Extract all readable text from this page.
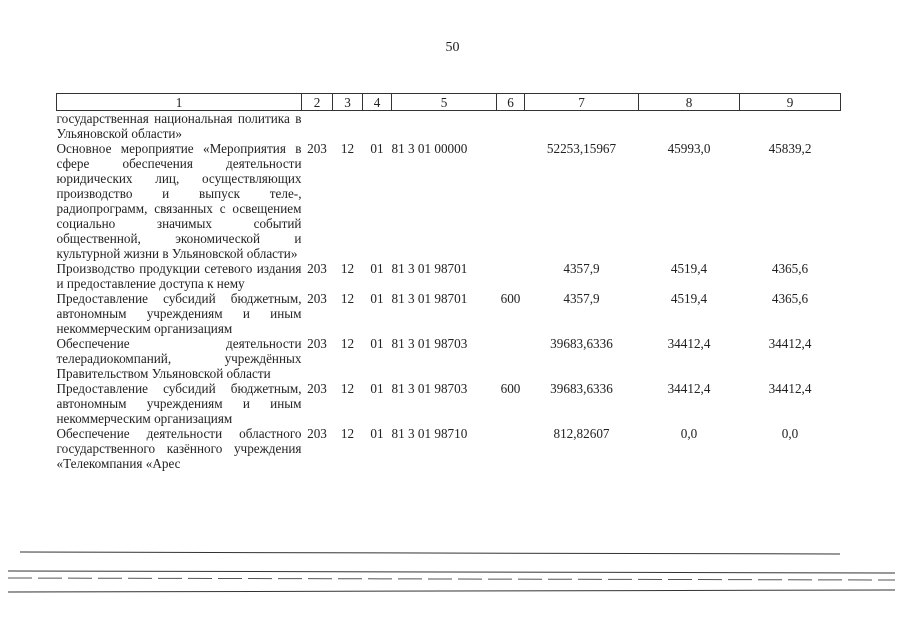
50
1	2	3	4	5	6	7	8	9
государственная национальная политика в Ульяновской области»								
Основное мероприятие «Мероприятия в сфере обеспечения деятельности юридических лиц, осуществляющих производство и выпуск теле-, радиопрограмм, связанных с освещением социально значимых событий общественной, экономической и культурной жизни в Ульяновской области»	203	12	01	81 3 01 00000		52253,15967	45993,0	45839,2
Производство продукции сетевого издания и предоставление доступа к нему	203	12	01	81 3 01 98701		4357,9	4519,4	4365,6
Предоставление субсидий бюджетным, автономным учреждениям и иным некоммерческим организациям	203	12	01	81 3 01 98701	600	4357,9	4519,4	4365,6
Обеспечение деятельности телерадиокомпаний, учреждённых Правительством Ульяновской области	203	12	01	81 3 01 98703		39683,6336	34412,4	34412,4
Предоставление субсидий бюджетным, автономным учреждениям и иным некоммерческим организациям	203	12	01	81 3 01 98703	600	39683,6336	34412,4	34412,4
Обеспечение деятельности областного государственного казённого учреждения «Телекомпания «Арес	203	12	01	81 3 01 98710		812,82607	0,0	0,0
